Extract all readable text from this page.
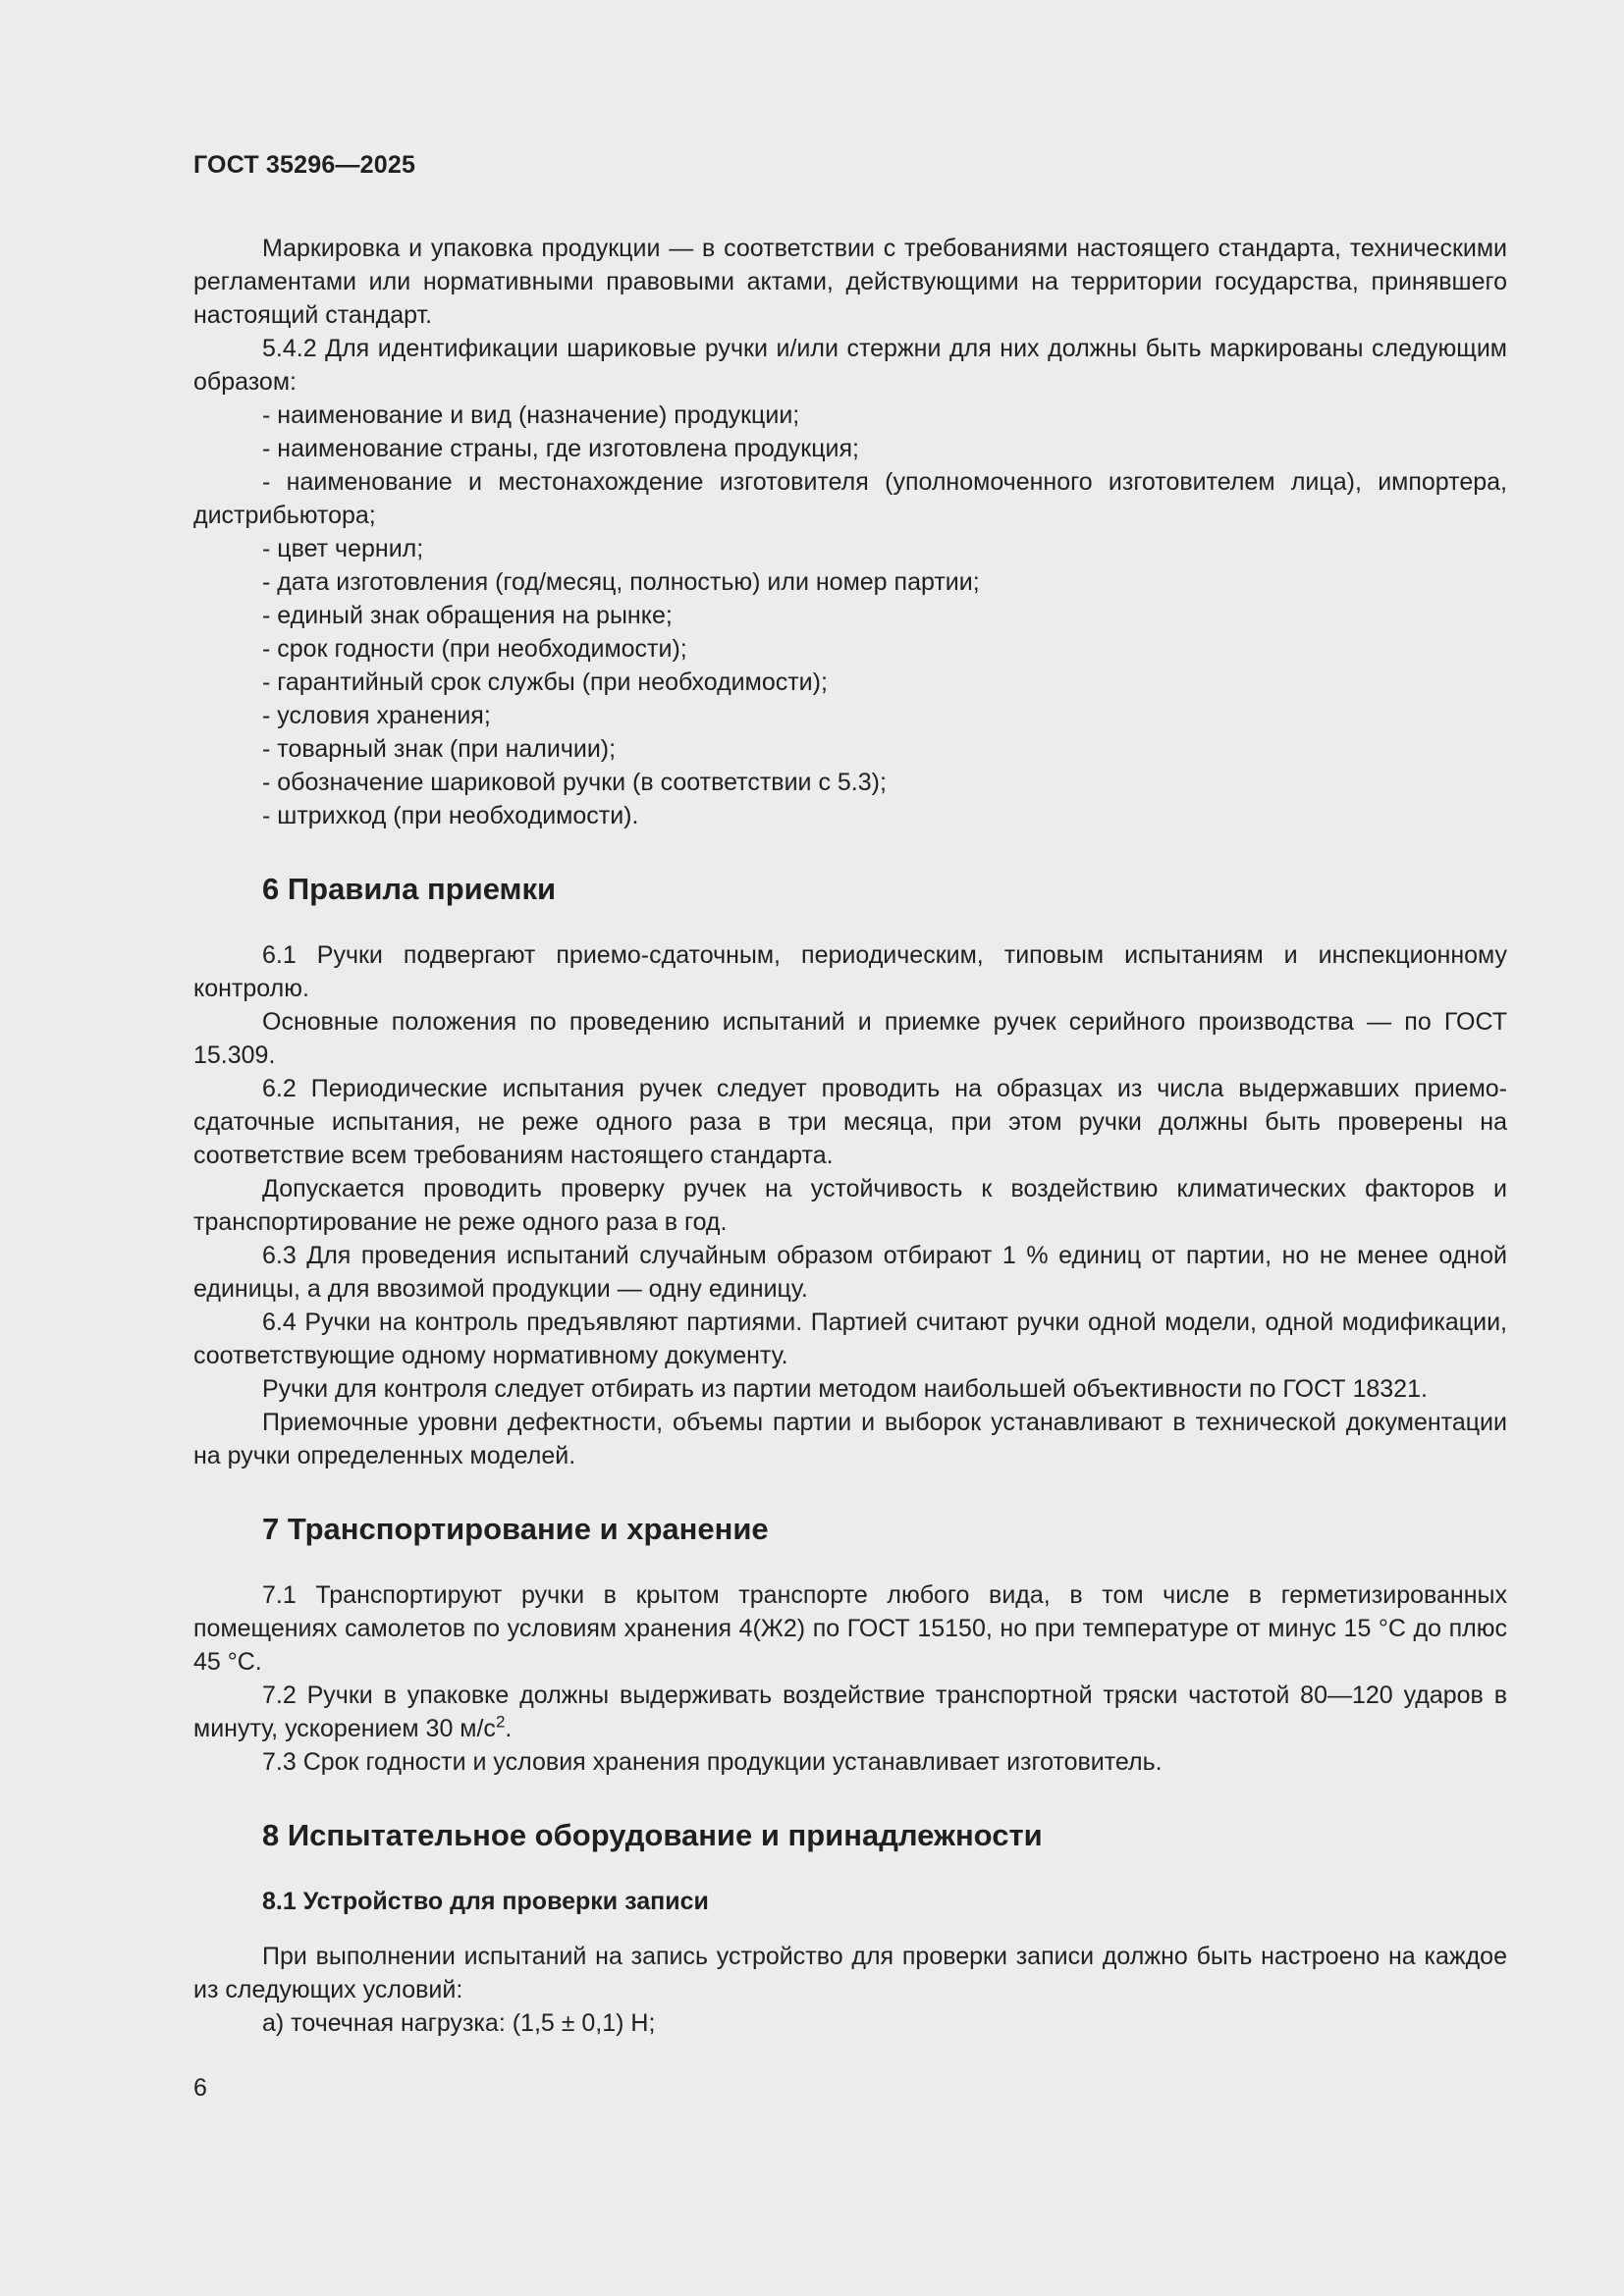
ГОСТ 35296—2025

Маркировка и упаковка продукции — в соответствии с требованиями настоящего стандарта, техническими регламентами или нормативными правовыми актами, действующими на территории государства, принявшего настоящий стандарт.

5.4.2 Для идентификации шариковые ручки и/или стержни для них должны быть маркированы следующим образом:

- наименование и вид (назначение) продукции;

- наименование страны, где изготовлена продукция;

- наименование и местонахождение изготовителя (уполномоченного изготовителем лица), импортера, дистрибьютора;

- цвет чернил;

- дата изготовления (год/месяц, полностью) или номер партии;

- единый знак обращения на рынке;

- срок годности (при необходимости);

- гарантийный срок службы (при необходимости);

- условия хранения;

- товарный знак (при наличии);

- обозначение шариковой ручки (в соответствии с 5.3);

- штрихкод (при необходимости).

6 Правила приемки

6.1 Ручки подвергают приемо-сдаточным, периодическим, типовым испытаниям и инспекционному контролю.

Основные положения по проведению испытаний и приемке ручек серийного производства — по ГОСТ 15.309.

6.2 Периодические испытания ручек следует проводить на образцах из числа выдержавших приемо-сдаточные испытания, не реже одного раза в три месяца, при этом ручки должны быть проверены на соответствие всем требованиям настоящего стандарта.

Допускается проводить проверку ручек на устойчивость к воздействию климатических факторов и транспортирование не реже одного раза в год.

6.3 Для проведения испытаний случайным образом отбирают 1 % единиц от партии, но не менее одной единицы, а для ввозимой продукции — одну единицу.

6.4 Ручки на контроль предъявляют партиями. Партией считают ручки одной модели, одной модификации, соответствующие одному нормативному документу.

Ручки для контроля следует отбирать из партии методом наибольшей объективности по ГОСТ 18321.

Приемочные уровни дефектности, объемы партии и выборок устанавливают в технической документации на ручки определенных моделей.

7 Транспортирование и хранение

7.1 Транспортируют ручки в крытом транспорте любого вида, в том числе в герметизированных помещениях самолетов по условиям хранения 4(Ж2) по ГОСТ 15150, но при температуре от минус 15 °С до плюс 45 °С.

7.2 Ручки в упаковке должны выдерживать воздействие транспортной тряски частотой 80—120 ударов в минуту, ускорением 30 $м/с^2$.

7.3 Срок годности и условия хранения продукции устанавливает изготовитель.

8 Испытательное оборудование и принадлежности
8.1 Устройство для проверки записи

При выполнении испытаний на запись устройство для проверки записи должно быть настроено на каждое из следующих условий:

а) точечная нагрузка: (1,5 ± 0,1) Н;

6
